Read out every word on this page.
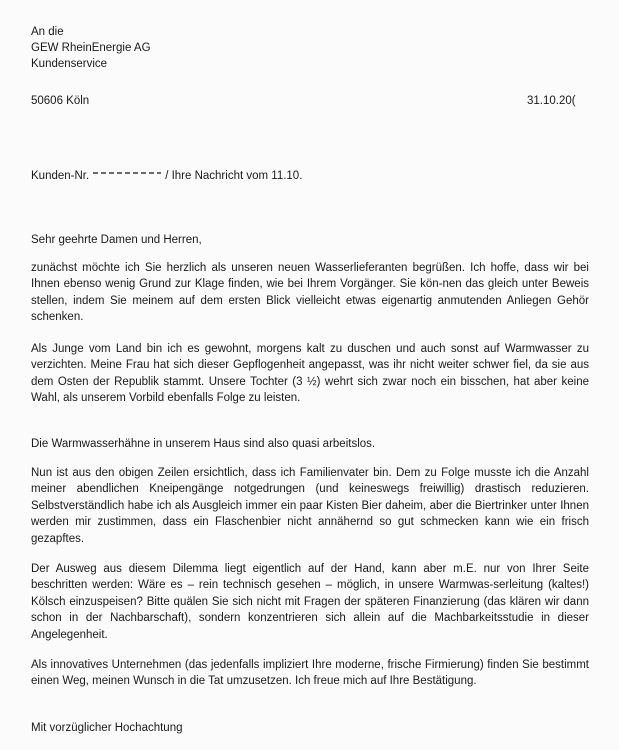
An die
GEW RheinEnergie AG
Kundenservice
50606 Köln	31.10.20(
Kunden-Nr.	/ Ihre Nachricht vom 11.10.
Sehr geehrte Damen und Herren,
zunächst möchte ich Sie herzlich als unseren neuen Wasserlieferanten begrüßen. Ich hoffe, dass wir bei Ihnen ebenso wenig Grund zur Klage finden, wie bei Ihrem Vorgänger. Sie kön-nen das gleich unter Beweis stellen, indem Sie meinem auf dem ersten Blick vielleicht etwas eigenartig anmutenden Anliegen Gehör schenken.
Als Junge vom Land bin ich es gewohnt, morgens kalt zu duschen und auch sonst auf Warmwasser zu verzichten. Meine Frau hat sich dieser Gepflogenheit angepasst, was ihr nicht weiter schwer fiel, da sie aus dem Osten der Republik stammt. Unsere Tochter (3 ½) wehrt sich zwar noch ein bisschen, hat aber keine Wahl, als unserem Vorbild ebenfalls Folge zu leisten.
Die Warmwasserhähne in unserem Haus sind also quasi arbeitslos.
Nun ist aus den obigen Zeilen ersichtlich, dass ich Familienvater bin. Dem zu Folge musste ich die Anzahl meiner abendlichen Kneipengänge notgedrungen (und keineswegs freiwillig) drastisch reduzieren. Selbstverständlich habe ich als Ausgleich immer ein paar Kisten Bier daheim, aber die Biertrinker unter Ihnen werden mir zustimmen, dass ein Flaschenbier nicht annähernd so gut schmecken kann wie ein frisch gezapftes.
Der Ausweg aus diesem Dilemma liegt eigentlich auf der Hand, kann aber m.E. nur von Ihrer Seite beschritten werden: Wäre es – rein technisch gesehen – möglich, in unsere Warmwas-serleitung (kaltes!) Kölsch einzuspeisen? Bitte quälen Sie sich nicht mit Fragen der späteren Finanzierung (das klären wir dann schon in der Nachbarschaft), sondern konzentrieren sich allein auf die Machbarkeitsstudie in dieser Angelegenheit.
Als innovatives Unternehmen (das jedenfalls impliziert Ihre moderne, frische Firmierung) finden Sie bestimmt einen Weg, meinen Wunsch in die Tat umzusetzen. Ich freue mich auf Ihre Bestätigung.
Mit vorzüglicher Hochachtung
